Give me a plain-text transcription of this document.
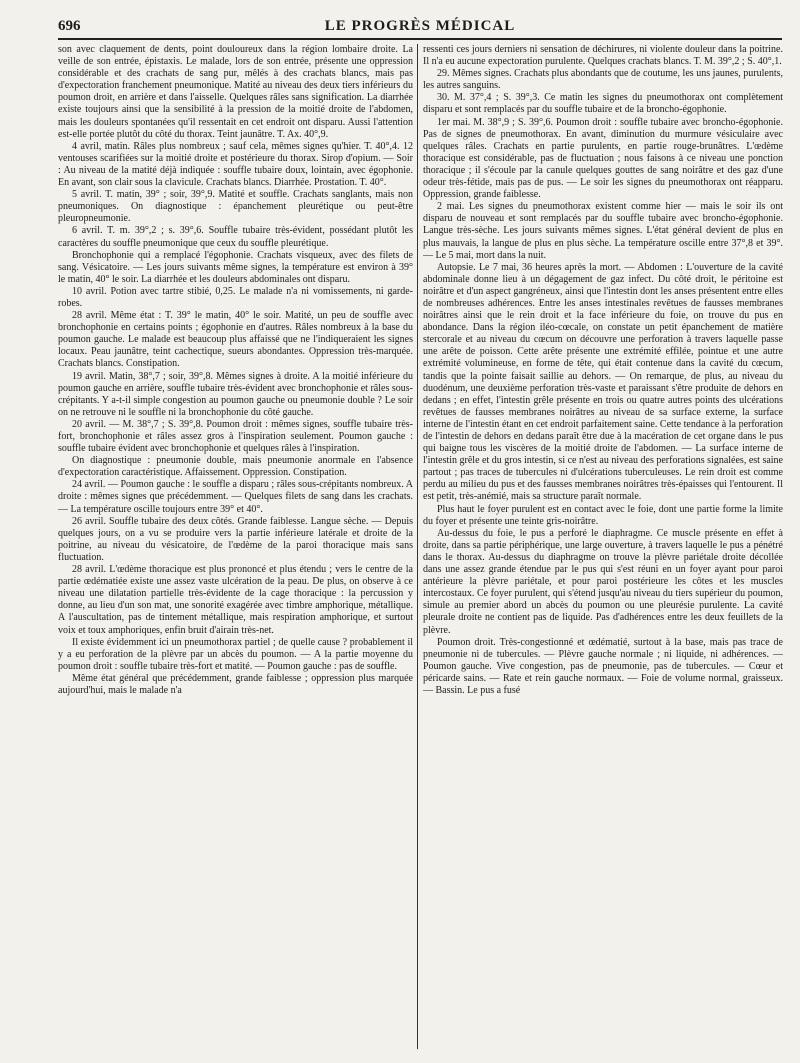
696	LE PROGRÈS MÉDICAL

son avec claquement de dents, point douloureux dans la région lombaire droite. La veille de son entrée, épistaxis. Le malade, lors de son entrée, présente une oppression considérable et des crachats de sang pur, mêlés à des crachats blancs, mais pas d'expectoration franchement pneumonique. Matité au niveau des deux tiers inférieurs du poumon droit, en arrière et dans l'aisselle. Quelques râles sans signification. La diarrhée existe toujours ainsi que la sensibilité à la pression de la moitié droite de l'abdomen, mais les douleurs spontanées qu'il ressentait en cet endroit ont disparu. Aussi l'attention est-elle portée plutôt du côté du thorax. Teint jaunâtre. T. Ax. 40°,9.

4 avril, matin. Râles plus nombreux ; sauf cela, mêmes signes qu'hier. T. 40°,4. 12 ventouses scarifiées sur la moitié droite et postérieure du thorax. Sirop d'opium. — Soir : Au niveau de la matité déjà indiquée : souffle tubaire doux, lointain, avec égophonie. En avant, son clair sous la clavicule. Crachats blancs. Diarrhée. Prostation. T. 40°.

5 avril. T. matin, 39° ; soir, 39°,9. Matité et souffle. Crachats sanglants, mais non pneumoniques. On diagnostique : épanchement pleurétique ou peut-être pleuropneumonie.

6 avril. T. m. 39°,2 ; s. 39°,6. Souffle tubaire très-évident, possédant plutôt les caractères du souffle pneumonique que ceux du souffle pleurétique.

Bronchophonie qui a remplacé l'égophonie. Crachats visqueux, avec des filets de sang. Vésicatoire. — Les jours suivants même signes, la température est environ à 39° le matin, 40° le soir. La diarrhée et les douleurs abdominales ont disparu.

10 avril. Potion avec tartre stibié, 0,25. Le malade n'a ni vomissements, ni garde-robes.

28 avril. Même état : T. 39° le matin, 40° le soir. Matité, un peu de souffle avec bronchophonie en certains points ; égophonie en d'autres. Râles nombreux à la base du poumon gauche. Le malade est beaucoup plus affaissé que ne l'indiqueraient les signes locaux. Peau jaunâtre, teint cachectique, sueurs abondantes. Oppression très-marquée. Crachats blancs. Constipation.

19 avril. Matin, 38°,7 ; soir, 39°,8. Mêmes signes à droite. A la moitié inférieure du poumon gauche en arrière, souffle tubaire très-évident avec bronchophonie et râles sous-crépitants. Y a-t-il simple congestion au poumon gauche ou pneumonie double ? Le soir on ne retrouve ni le souffle ni la bronchophonie du côté gauche.

20 avril. — M. 38°,7 ; S. 39°,8. Poumon droit : mêmes signes, souffle tubaire très-fort, bronchophonie et râles assez gros à l'inspiration seulement. Poumon gauche : souffle tubaire évident avec bronchophonie et quelques râles à l'inspiration.

On diagnostique : pneumonie double, mais pneumonie anormale en l'absence d'expectoration caractéristique. Affaissement. Oppression. Constipation.

24 avril. — Poumon gauche : le souffle a disparu ; râles sous-crépitants nombreux. A droite : mêmes signes que précédemment. — Quelques filets de sang dans les crachats. — La température oscille toujours entre 39° et 40°.

26 avril. Souffle tubaire des deux côtés. Grande faiblesse. Langue sèche. — Depuis quelques jours, on a vu se produire vers la partie inférieure latérale et droite de la poitrine, au niveau du vésicatoire, de l'œdème de la paroi thoracique mais sans fluctuation.

28 avril. L'œdème thoracique est plus prononcé et plus étendu ; vers le centre de la partie œdématiée existe une assez vaste ulcération de la peau. De plus, on observe à ce niveau une dilatation partielle très-évidente de la cage thoracique : la percussion y donne, au lieu d'un son mat, une sonorité exagérée avec timbre amphorique, métallique. A l'auscultation, pas de tintement métallique, mais respiration amphorique, et surtout voix et toux amphoriques, enfin bruit d'airain très-net.

Il existe évidemment ici un pneumothorax partiel ; de quelle cause ? probablement il y a eu perforation de la plèvre par un abcès du poumon. — A la partie moyenne du poumon droit : souffle tubaire très-fort et matité. — Poumon gauche : pas de souffle.

Même état général que précédemment, grande faiblesse ; oppression plus marquée aujourd'hui, mais le malade n'a

ressenti ces jours derniers ni sensation de déchirures, ni violente douleur dans la poitrine. Il n'a eu aucune expectoration purulente. Quelques crachats blancs. T. M. 39°,2 ; S. 40°,1.

29. Mêmes signes. Crachats plus abondants que de coutume, les uns jaunes, purulents, les autres sanguins.

30. M. 37°,4 ; S. 39°,3. Ce matin les signes du pneumothorax ont complètement disparu et sont remplacés par du souffle tubaire et de la broncho-égophonie.

1er mai. M. 38°,9 ; S. 39°,6. Poumon droit : souffle tubaire avec broncho-égophonie. Pas de signes de pneumothorax. En avant, diminution du murmure vésiculaire avec quelques râles. Crachats en partie purulents, en partie rouge-brunâtres. L'œdème thoracique est considérable, pas de fluctuation ; nous faisons à ce niveau une ponction thoracique ; il s'écoule par la canule quelques gouttes de sang noirâtre et des gaz d'une odeur très-fétide, mais pas de pus. — Le soir les signes du pneumothorax ont réapparu. Oppression, grande faiblesse.

2 mai. Les signes du pneumothorax existent comme hier — mais le soir ils ont disparu de nouveau et sont remplacés par du souffle tubaire avec broncho-égophonie. Langue très-sèche. Les jours suivants mêmes signes. L'état général devient de plus en plus mauvais, la langue de plus en plus sèche. La température oscille entre 37°,8 et 39°. — Le 5 mai, mort dans la nuit.

Autopsie. Le 7 mai, 36 heures après la mort. — Abdomen : L'ouverture de la cavité abdominale donne lieu à un dégagement de gaz infect. Du côté droit, le péritoine est noirâtre et d'un aspect gangréneux, ainsi que l'intestin dont les anses présentent entre elles de nombreuses adhérences. Entre les anses intestinales revêtues de fausses membranes noirâtres ainsi que le rein droit et la face inférieure du foie, on trouve du pus en abondance. Dans la région iléo-cœcale, on constate un petit épanchement de matière stercorale et au niveau du cœcum on découvre une perforation à travers laquelle passe une arête de poisson. Cette arête présente une extrémité effilée, pointue et une autre extrémité volumineuse, en forme de tête, qui était contenue dans la cavité du cœcum, tandis que la pointe faisait saillie au dehors. — On remarque, de plus, au niveau du duodénum, une deuxième perforation très-vaste et paraissant s'être produite de dehors en dedans ; en effet, l'intestin grêle présente en trois ou quatre autres points des ulcérations revêtues de fausses membranes noirâtres au niveau de sa surface externe, la surface interne de l'intestin étant en cet endroit parfaitement saine. Cette tendance à la perforation de l'intestin de dehors en dedans paraît être due à la macération de cet organe dans le pus qui baigne tous les viscères de la moitié droite de l'abdomen. — La surface interne de l'intestin grêle et du gros intestin, si ce n'est au niveau des perforations signalées, est saine partout ; pas traces de tubercules ni d'ulcérations tuberculeuses. Le rein droit est comme perdu au milieu du pus et des fausses membranes noirâtres très-épaisses qui l'entourent. Il est petit, très-anémié, mais sa structure paraît normale.

Plus haut le foyer purulent est en contact avec le foie, dont une partie forme la limite du foyer et présente une teinte gris-noirâtre.

Au-dessus du foie, le pus a perforé le diaphragme. Ce muscle présente en effet à droite, dans sa partie périphérique, une large ouverture, à travers laquelle le pus a pénétré dans le thorax. Au-dessus du diaphragme on trouve la plèvre pariétale droite décollée dans une assez grande étendue par le pus qui s'est réuni en un foyer ayant pour paroi antérieure la plèvre pariétale, et pour paroi postérieure les côtes et les muscles intercostaux. Ce foyer purulent, qui s'étend jusqu'au niveau du tiers supérieur du poumon, simule au premier abord un abcès du poumon ou une pleurésie purulente. La cavité pleurale droite ne contient pas de liquide. Pas d'adhérences entre les deux feuillets de la plèvre.

Poumon droit. Très-congestionné et œdématié, surtout à la base, mais pas trace de pneumonie ni de tubercules. — Plèvre gauche normale ; ni liquide, ni adhérences. — Poumon gauche. Vive congestion, pas de pneumonie, pas de tubercules. — Cœur et péricarde sains. — Rate et rein gauche normaux. — Foie de volume normal, graisseux. — Bassin. Le pus a fusé
